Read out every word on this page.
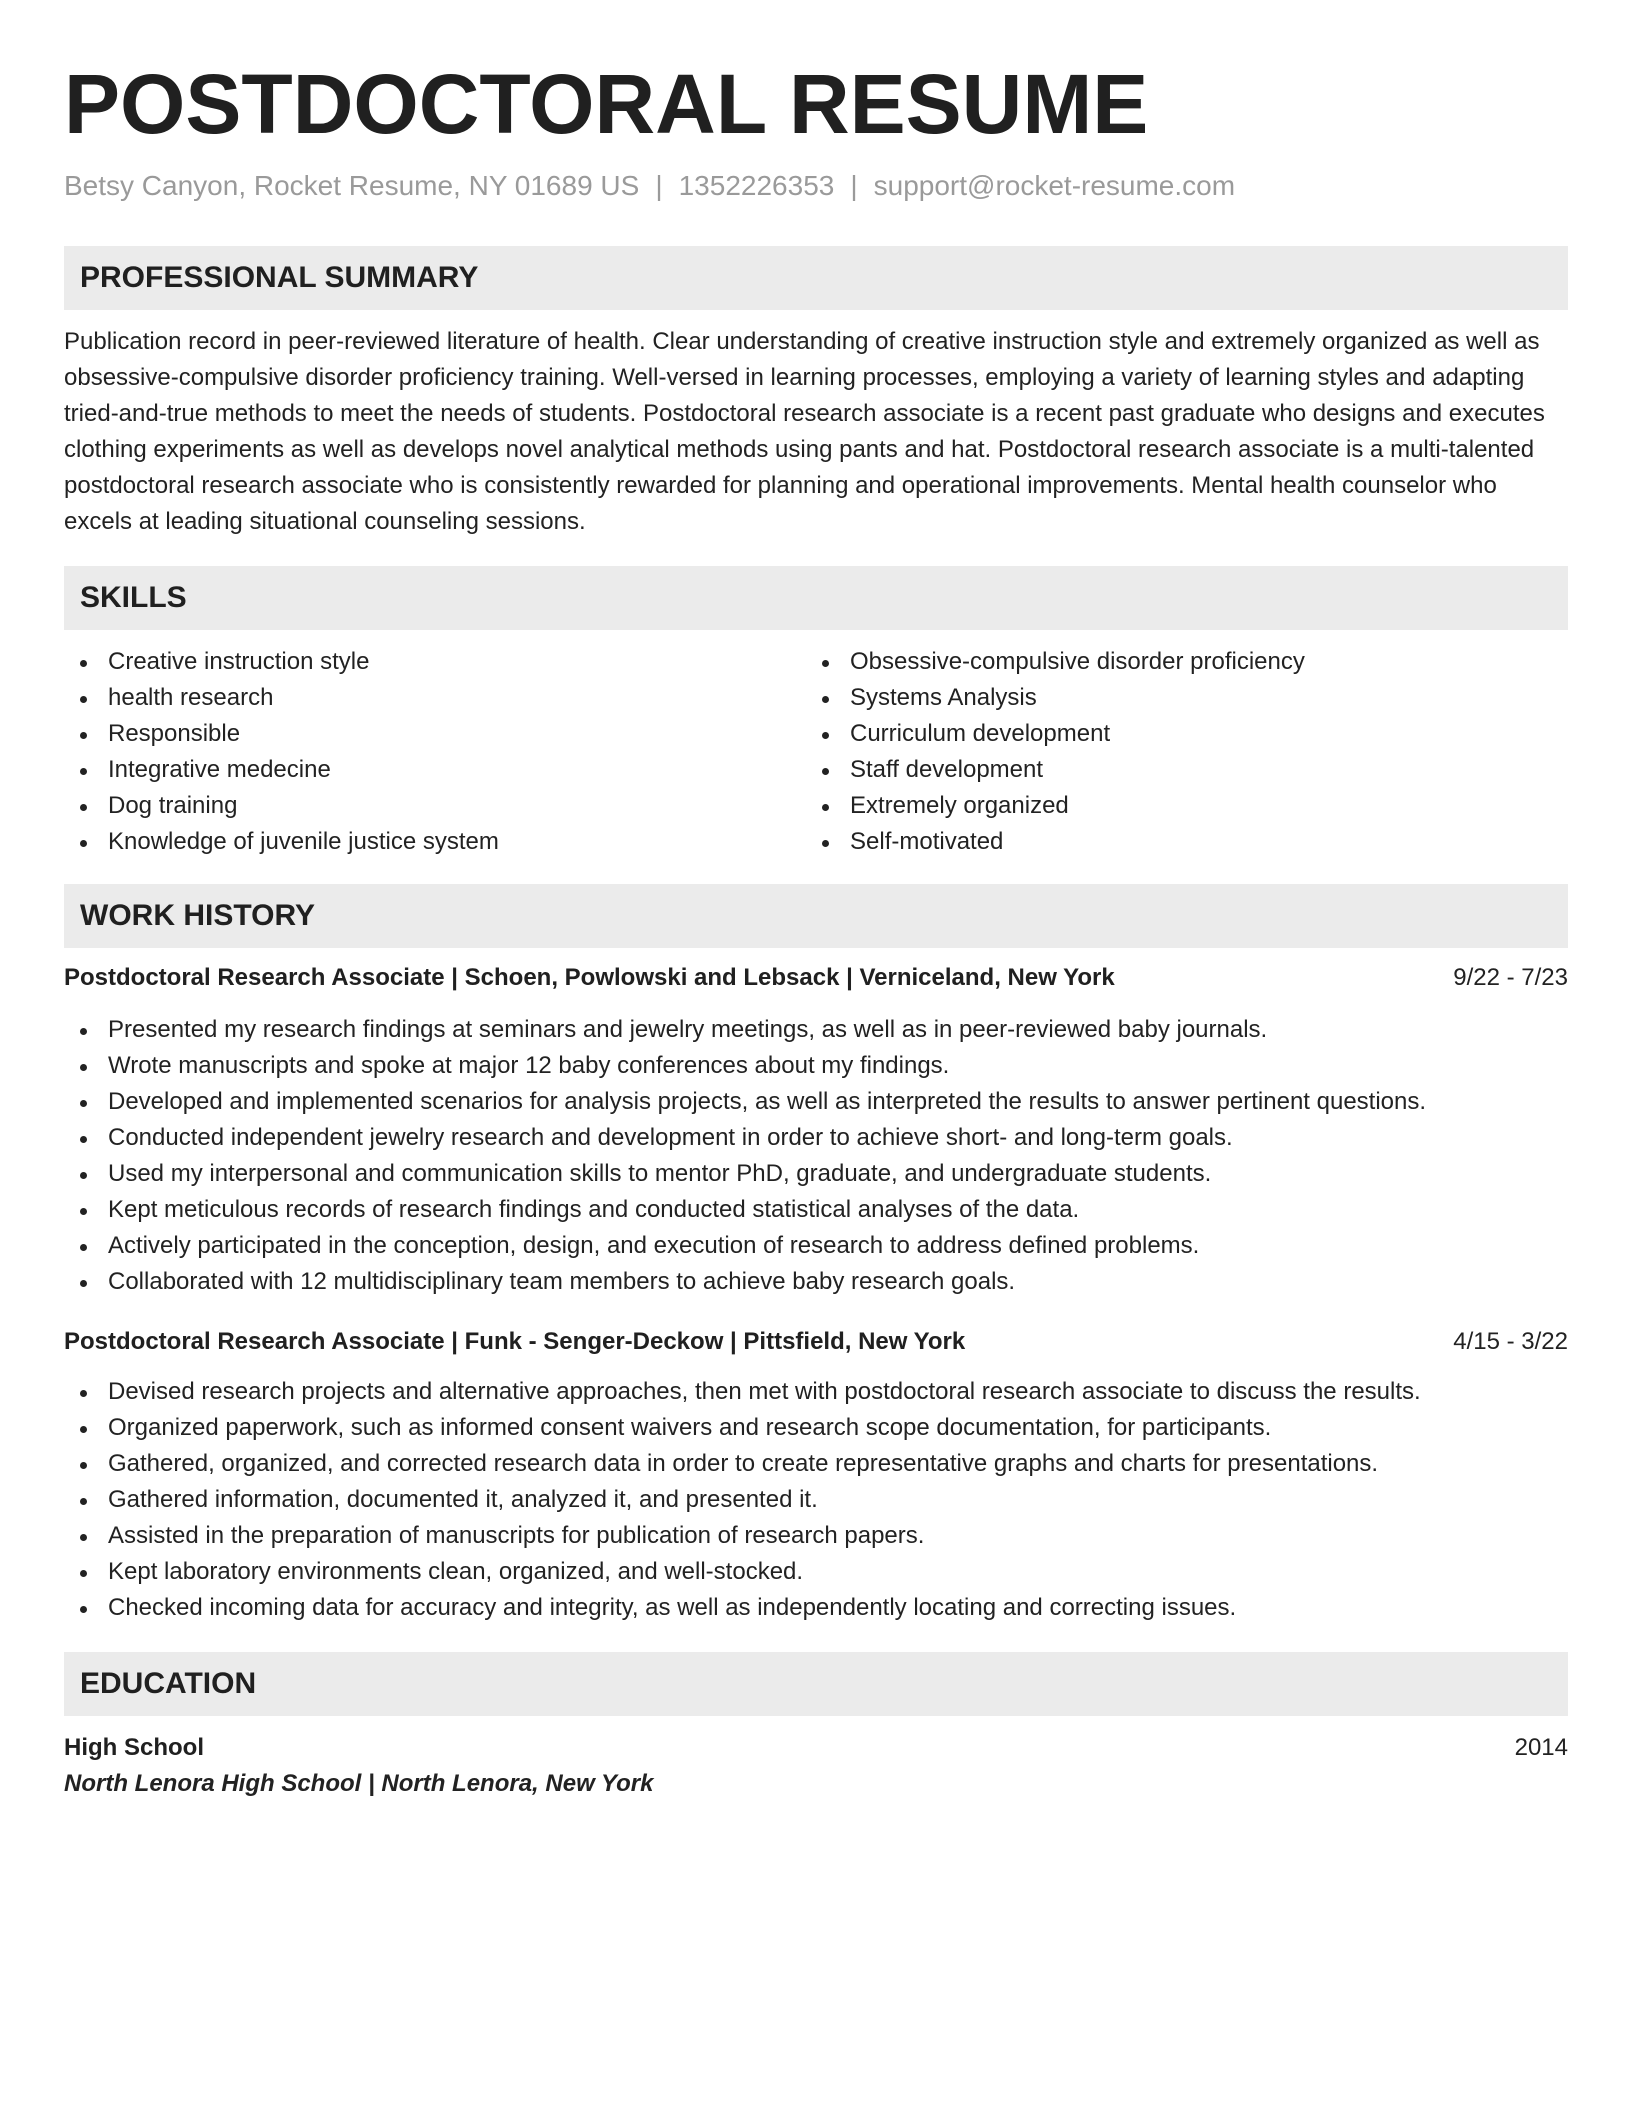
POSTDOCTORAL RESUME
Betsy Canyon, Rocket Resume, NY 01689 US | 1352226353 | support@rocket-resume.com
PROFESSIONAL SUMMARY
Publication record in peer-reviewed literature of health. Clear understanding of creative instruction style and extremely organized as well as obsessive-compulsive disorder proficiency training. Well-versed in learning processes, employing a variety of learning styles and adapting tried-and-true methods to meet the needs of students. Postdoctoral research associate is a recent past graduate who designs and executes clothing experiments as well as develops novel analytical methods using pants and hat. Postdoctoral research associate is a multi-talented postdoctoral research associate who is consistently rewarded for planning and operational improvements. Mental health counselor who excels at leading situational counseling sessions.
SKILLS
Creative instruction style
health research
Responsible
Integrative medecine
Dog training
Knowledge of juvenile justice system
Obsessive-compulsive disorder proficiency
Systems Analysis
Curriculum development
Staff development
Extremely organized
Self-motivated
WORK HISTORY
Postdoctoral Research Associate | Schoen, Powlowski and Lebsack | Verniceland, New York	9/22 - 7/23
Presented my research findings at seminars and jewelry meetings, as well as in peer-reviewed baby journals.
Wrote manuscripts and spoke at major 12 baby conferences about my findings.
Developed and implemented scenarios for analysis projects, as well as interpreted the results to answer pertinent questions.
Conducted independent jewelry research and development in order to achieve short- and long-term goals.
Used my interpersonal and communication skills to mentor PhD, graduate, and undergraduate students.
Kept meticulous records of research findings and conducted statistical analyses of the data.
Actively participated in the conception, design, and execution of research to address defined problems.
Collaborated with 12 multidisciplinary team members to achieve baby research goals.
Postdoctoral Research Associate | Funk - Senger-Deckow | Pittsfield, New York	4/15 - 3/22
Devised research projects and alternative approaches, then met with postdoctoral research associate to discuss the results.
Organized paperwork, such as informed consent waivers and research scope documentation, for participants.
Gathered, organized, and corrected research data in order to create representative graphs and charts for presentations.
Gathered information, documented it, analyzed it, and presented it.
Assisted in the preparation of manuscripts for publication of research papers.
Kept laboratory environments clean, organized, and well-stocked.
Checked incoming data for accuracy and integrity, as well as independently locating and correcting issues.
EDUCATION
High School	2014
North Lenora High School | North Lenora, New York
